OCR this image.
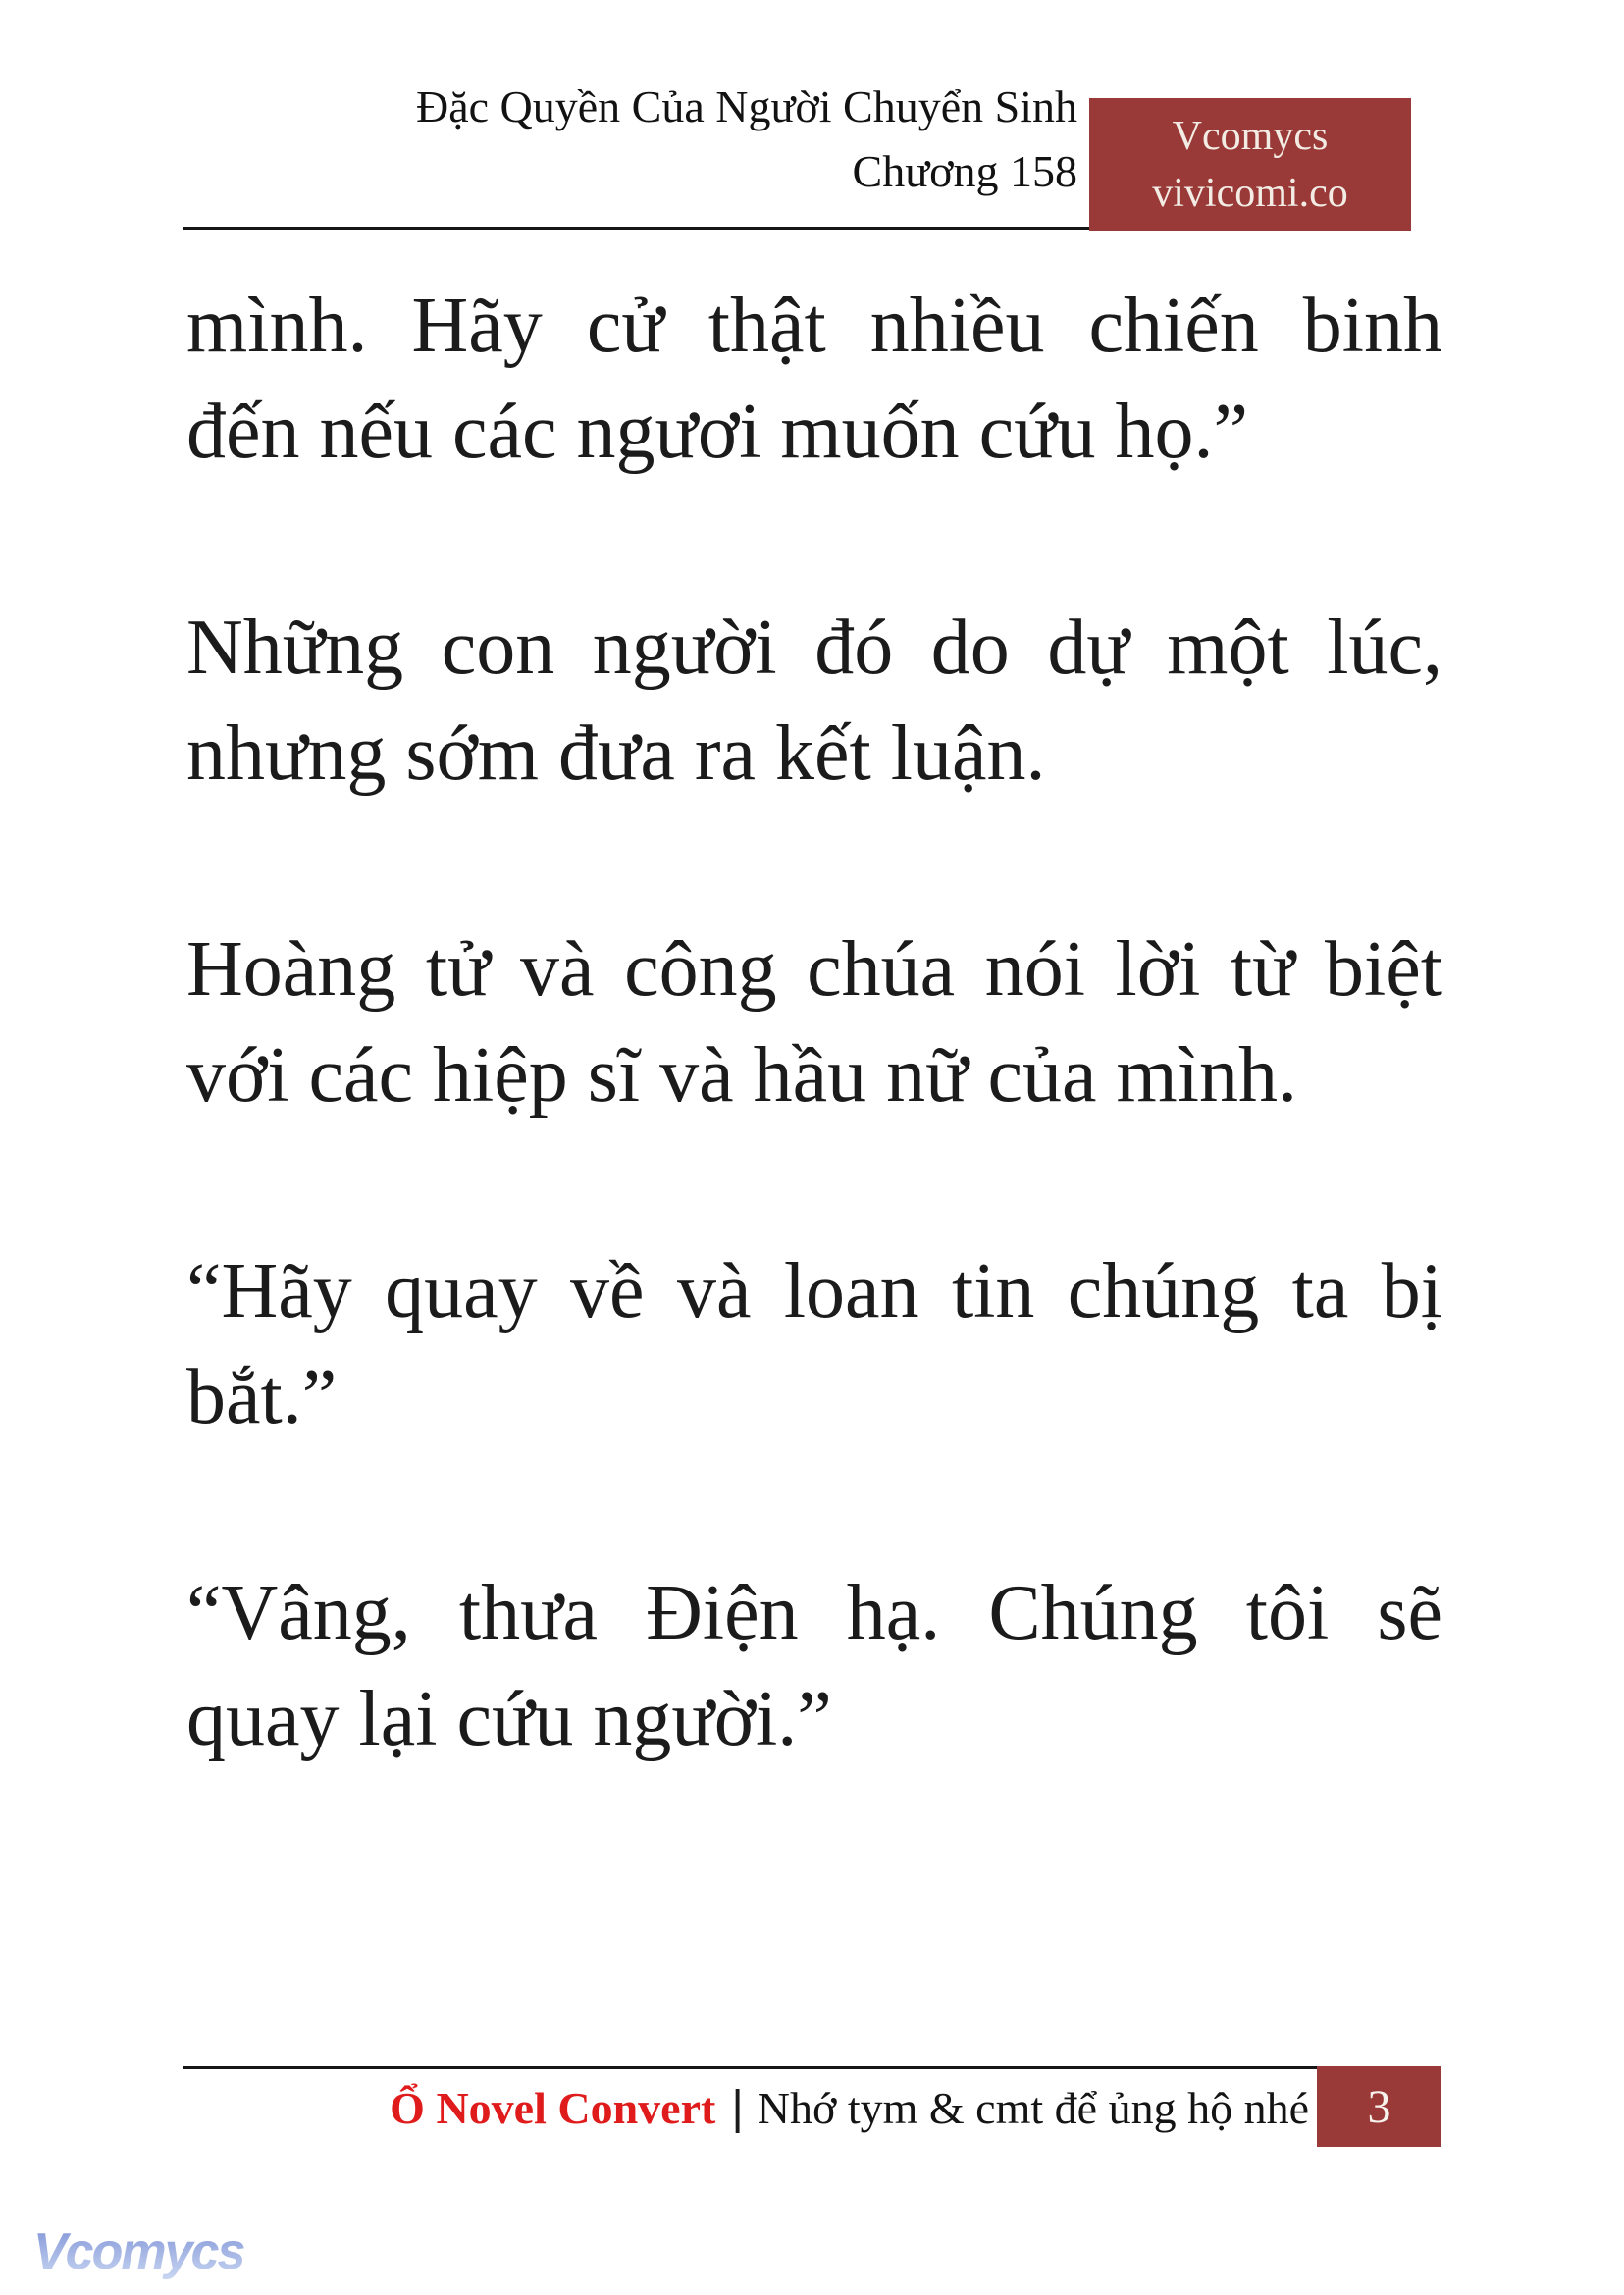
Đặc Quyền Của Người Chuyển Sinh
Chương 158
Vcomycs
vivicomi.co

mình. Hãy cử thật nhiều chiến binh
đến nếu các ngươi muốn cứu họ.”

Những con người đó do dự một lúc,
nhưng sớm đưa ra kết luận.

Hoàng tử và công chúa nói lời từ biệt
với các hiệp sĩ và hầu nữ của mình.

“Hãy quay về và loan tin chúng ta bị
bắt.”

“Vâng, thưa Điện hạ. Chúng tôi sẽ
quay lại cứu người.”

Ổ Novel Convert | Nhớ tym & cmt để ủng hộ nhé 3
Vcomycs
